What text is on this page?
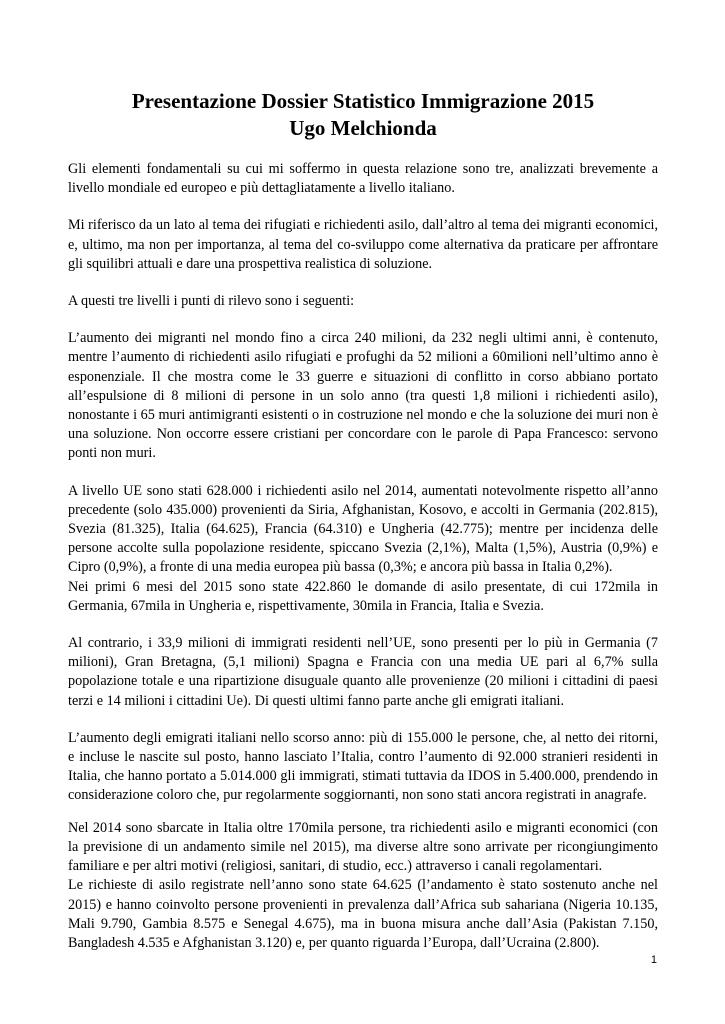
Presentazione Dossier Statistico Immigrazione 2015
Ugo Melchionda

Gli elementi fondamentali su cui mi soffermo in questa relazione sono tre, analizzati brevemente a livello mondiale ed europeo e più dettagliatamente a livello italiano.

Mi riferisco da un lato al tema dei rifugiati e richiedenti asilo, dall’altro al tema dei migranti economici, e, ultimo, ma non per importanza, al tema del co-sviluppo come alternativa da praticare per affrontare gli squilibri attuali e dare una prospettiva realistica di soluzione.

A questi tre livelli i punti di rilevo sono i seguenti:

L’aumento dei migranti nel mondo fino a circa 240 milioni, da 232 negli ultimi anni, è contenuto, mentre l’aumento di richiedenti asilo rifugiati e profughi da 52 milioni a 60milioni nell’ultimo anno è esponenziale. Il che mostra come le 33 guerre e situazioni di conflitto in corso abbiano portato all’espulsione di 8 milioni di persone in un solo anno (tra questi 1,8 milioni i richiedenti asilo), nonostante i 65 muri antimigranti esistenti o in costruzione nel mondo e che la soluzione dei muri non è una soluzione. Non occorre essere cristiani per concordare con le parole di Papa Francesco: servono ponti non muri.

A livello UE sono stati 628.000 i richiedenti asilo nel 2014, aumentati notevolmente rispetto all’anno precedente (solo 435.000) provenienti da Siria, Afghanistan, Kosovo, e accolti in Germania (202.815), Svezia (81.325), Italia (64.625), Francia (64.310) e Ungheria (42.775); mentre per incidenza delle persone accolte sulla popolazione residente, spiccano Svezia (2,1%), Malta (1,5%), Austria (0,9%) e Cipro (0,9%), a fronte di una media europea più bassa (0,3%; e ancora più bassa in Italia 0,2%).

Nei primi 6 mesi del 2015 sono state 422.860 le domande di asilo presentate, di cui 172mila in Germania, 67mila in Ungheria e, rispettivamente, 30mila in Francia, Italia e Svezia.

Al contrario, i 33,9 milioni di immigrati residenti nell’UE, sono presenti per lo più in Germania (7 milioni), Gran Bretagna, (5,1 milioni) Spagna e Francia con una media UE pari al 6,7% sulla popolazione totale e una ripartizione disuguale quanto alle provenienze (20 milioni i cittadini di paesi terzi e 14 milioni i cittadini Ue). Di questi ultimi fanno parte anche gli emigrati italiani.

L’aumento degli emigrati italiani nello scorso anno: più di 155.000 le persone, che, al netto dei ritorni, e incluse le nascite sul posto, hanno lasciato l’Italia, contro l’aumento di 92.000 stranieri residenti in Italia, che hanno portato a 5.014.000 gli immigrati, stimati tuttavia da IDOS in 5.400.000, prendendo in considerazione coloro che, pur regolarmente soggiornanti, non sono stati ancora registrati in anagrafe.

Nel 2014 sono sbarcate in Italia oltre 170mila persone, tra richiedenti asilo e migranti economici (con la previsione di un andamento simile nel 2015), ma diverse altre sono arrivate per ricongiungimento familiare e per altri motivi (religiosi, sanitari, di studio, ecc.) attraverso i canali regolamentari.

Le richieste di asilo registrate nell’anno sono state 64.625 (l’andamento è stato sostenuto anche nel 2015) e hanno coinvolto persone provenienti in prevalenza dall’Africa sub sahariana (Nigeria 10.135, Mali 9.790, Gambia 8.575 e Senegal 4.675), ma in buona misura anche dall’Asia (Pakistan 7.150, Bangladesh 4.535 e Afghanistan 3.120) e, per quanto riguarda l’Europa, dall’Ucraina (2.800).

1
